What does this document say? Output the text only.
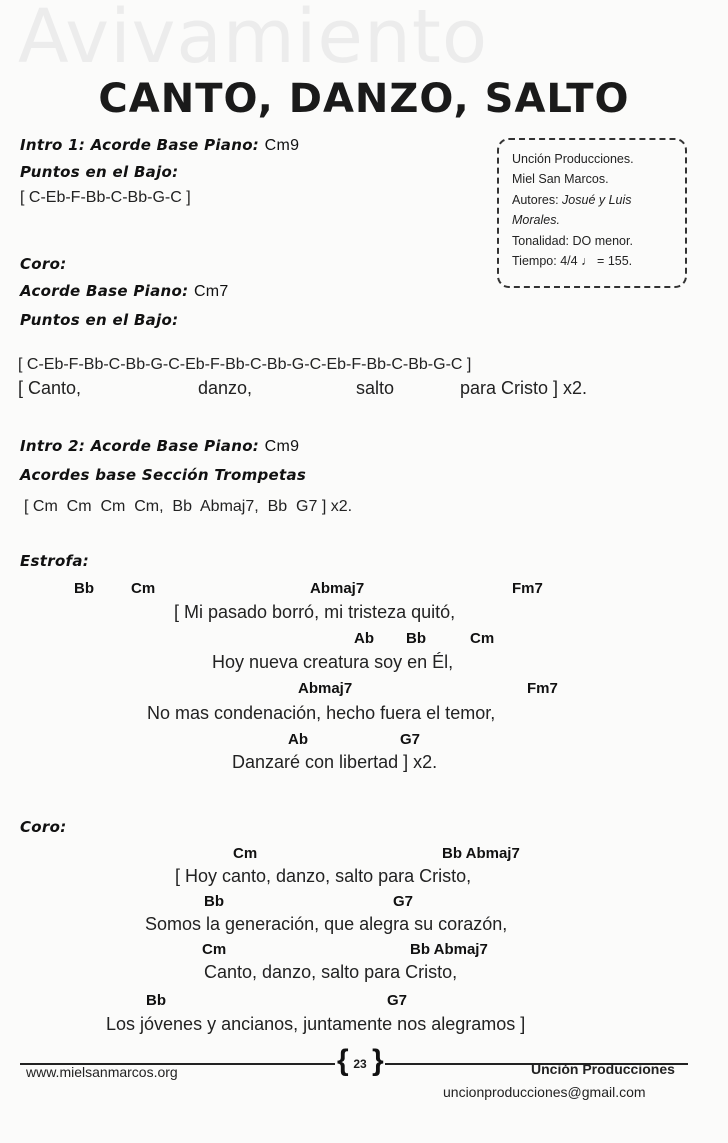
Avivamiento
CANTO, DANZO, SALTO
Intro 1: Acorde Base Piano: Cm9
Puntos en el Bajo:
[ C-Eb-F-Bb-C-Bb-G-C ]
Unción Producciones.
Miel San Marcos.
Autores: Josué y Luis
Morales.
Tonalidad: DO menor.
Tiempo: 4/4 ♩ = 155.
Coro:
Acorde Base Piano: Cm7
Puntos en el Bajo:
[ C-Eb-F-Bb-C-Bb-G-C-Eb-F-Bb-C-Bb-G-C-Eb-F-Bb-C-Bb-G-C ]
[ Canto,	danzo,	salto	para Cristo ] x2.
Intro 2: Acorde Base Piano: Cm9
Acordes base Sección Trompetas
[ Cm  Cm  Cm  Cm,  Bb  Abmaj7,  Bb  G7 ] x2.
Estrofa:
Bb Cm	Abmaj7	Fm7
[ Mi pasado borró, mi tristeza quitó,
Ab Bb	Cm
Hoy nueva creatura soy en Él,
Abmaj7	Fm7
No mas condenación, hecho fuera el temor,
Ab	G7
Danzaré con libertad ] x2.
Coro:
Cm	Bb Abmaj7
[ Hoy canto, danzo, salto para Cristo,
Bb	G7
Somos la generación, que alegra su corazón,
Cm	Bb Abmaj7
Canto, danzo, salto para Cristo,
Bb	G7
Los jóvenes y ancianos, juntamente nos alegramos ]
{ }
23
www.mielsanmarcos.org	Unción Producciones
uncionproducciones@gmail.com
